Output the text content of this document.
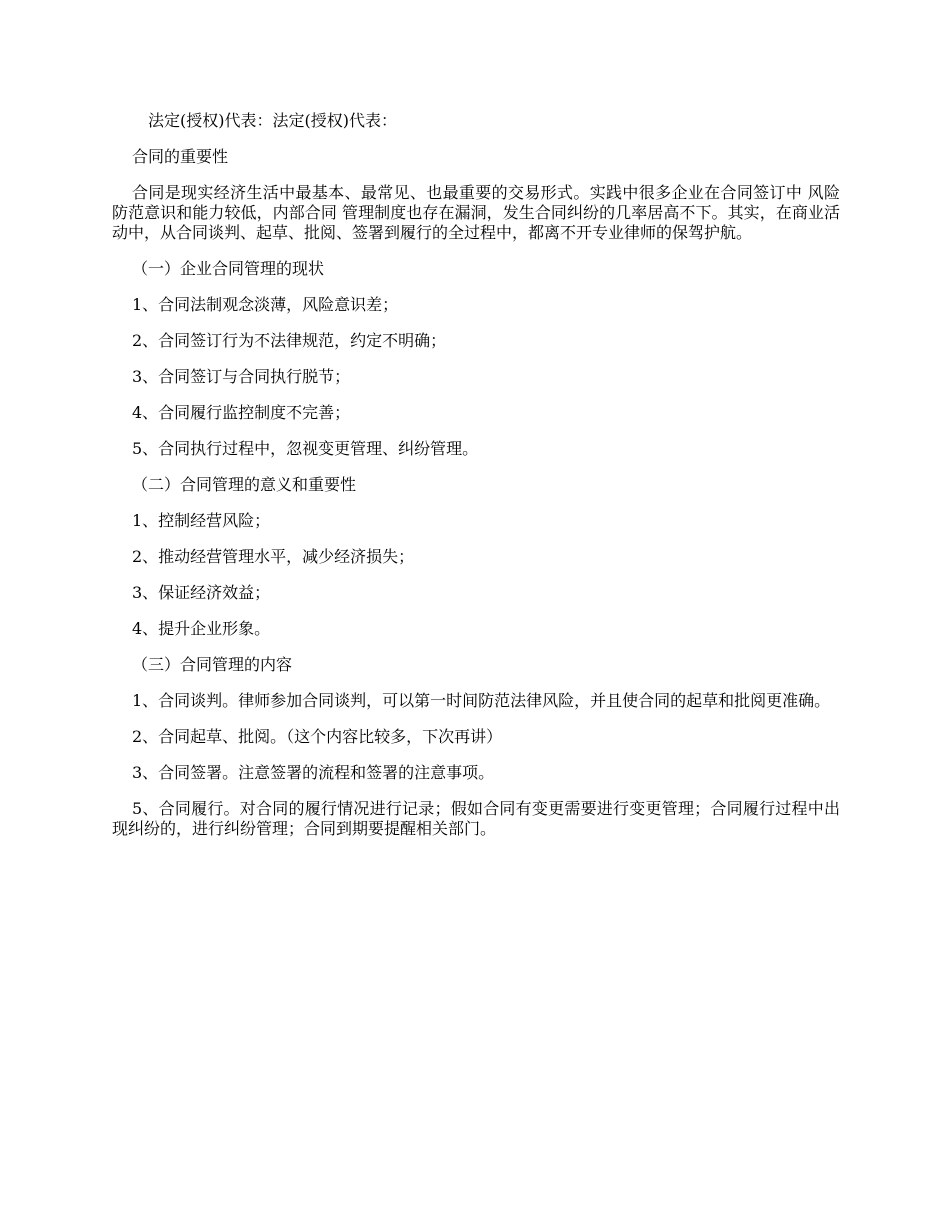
法定(授权)代表：法定(授权)代表：

合同的重要性

合同是现实经济生活中最基本、最常见、也最重要的交易形式。实践中很多企业在合同签订中 风险防范意识和能力较低，内部合同 管理制度也存在漏洞，发生合同纠纷的几率居高不下。其实，在商业活动中，从合同谈判、起草、批阅、签署到履行的全过程中，都离不开专业律师的保驾护航。

（一）企业合同管理的现状

1、合同法制观念淡薄，风险意识差；

2、合同签订行为不法律规范，约定不明确；

3、合同签订与合同执行脱节；

4、合同履行监控制度不完善；

5、合同执行过程中，忽视变更管理、纠纷管理。

（二）合同管理的意义和重要性

1、控制经营风险；

2、推动经营管理水平，减少经济损失；

3、保证经济效益；

4、提升企业形象。

（三）合同管理的内容

1、合同谈判。律师参加合同谈判，可以第一时间防范法律风险，并且使合同的起草和批阅更准确。

2、合同起草、批阅。（这个内容比较多，下次再讲）

3、合同签署。注意签署的流程和签署的注意事项。

5、合同履行。对合同的履行情况进行记录；假如合同有变更需要进行变更管理；合同履行过程中出现纠纷的，进行纠纷管理；合同到期要提醒相关部门。
